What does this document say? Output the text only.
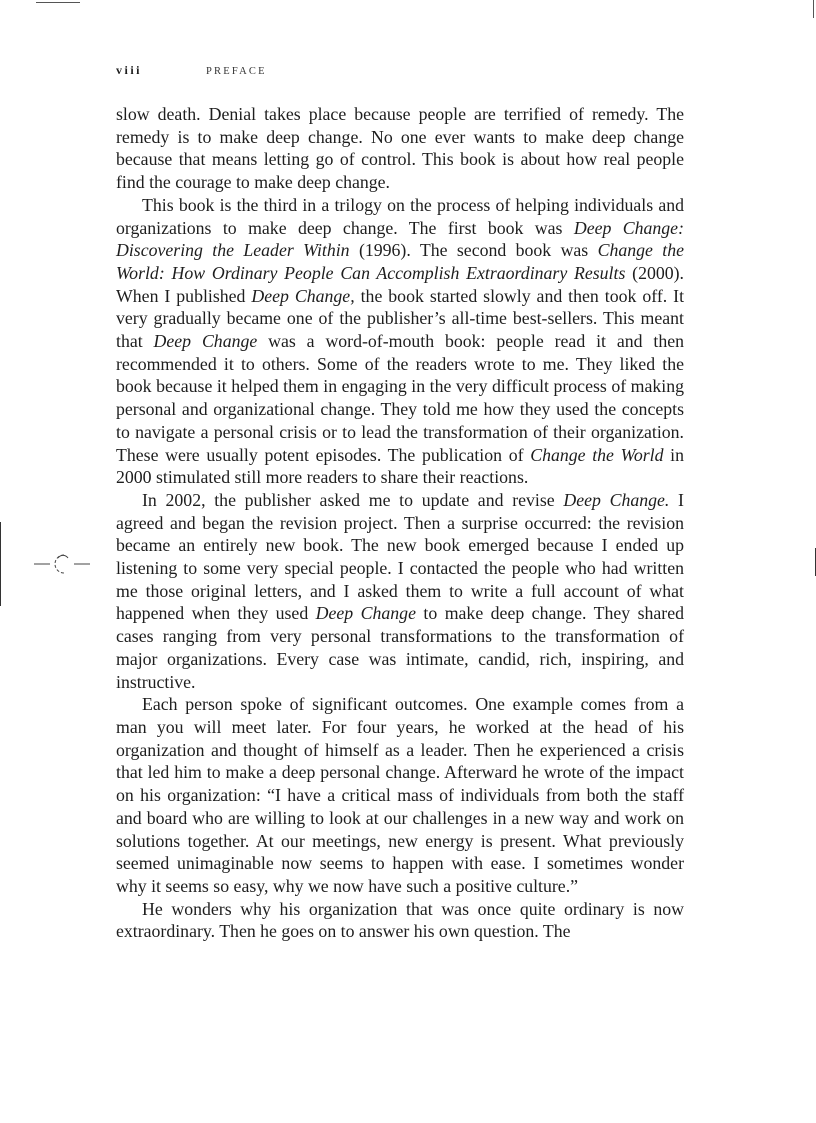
viii	PREFACE

slow death. Denial takes place because people are terrified of remedy. The remedy is to make deep change. No one ever wants to make deep change because that means letting go of control. This book is about how real people find the courage to make deep change.

This book is the third in a trilogy on the process of helping individuals and organizations to make deep change. The first book was Deep Change: Discovering the Leader Within (1996). The second book was Change the World: How Ordinary People Can Accomplish Extraordinary Results (2000). When I published Deep Change, the book started slowly and then took off. It very gradually became one of the publisher’s all-time best-sellers. This meant that Deep Change was a word-of-mouth book: people read it and then recommended it to others. Some of the readers wrote to me. They liked the book because it helped them in engaging in the very difficult process of making personal and organizational change. They told me how they used the concepts to navigate a personal crisis or to lead the transformation of their organization. These were usually potent episodes. The publication of Change the World in 2000 stimulated still more readers to share their reactions.

In 2002, the publisher asked me to update and revise Deep Change. I agreed and began the revision project. Then a surprise occurred: the revision became an entirely new book. The new book emerged because I ended up listening to some very special people. I contacted the people who had written me those original letters, and I asked them to write a full account of what happened when they used Deep Change to make deep change. They shared cases ranging from very personal transformations to the transformation of major organizations. Every case was intimate, candid, rich, inspiring, and instructive.

Each person spoke of significant outcomes. One example comes from a man you will meet later. For four years, he worked at the head of his organization and thought of himself as a leader. Then he experienced a crisis that led him to make a deep personal change. Afterward he wrote of the impact on his organization: “I have a critical mass of individuals from both the staff and board who are willing to look at our challenges in a new way and work on solutions together. At our meetings, new energy is present. What previously seemed unimaginable now seems to happen with ease. I sometimes wonder why it seems so easy, why we now have such a positive culture.”

He wonders why his organization that was once quite ordinary is now extraordinary. Then he goes on to answer his own question. The
